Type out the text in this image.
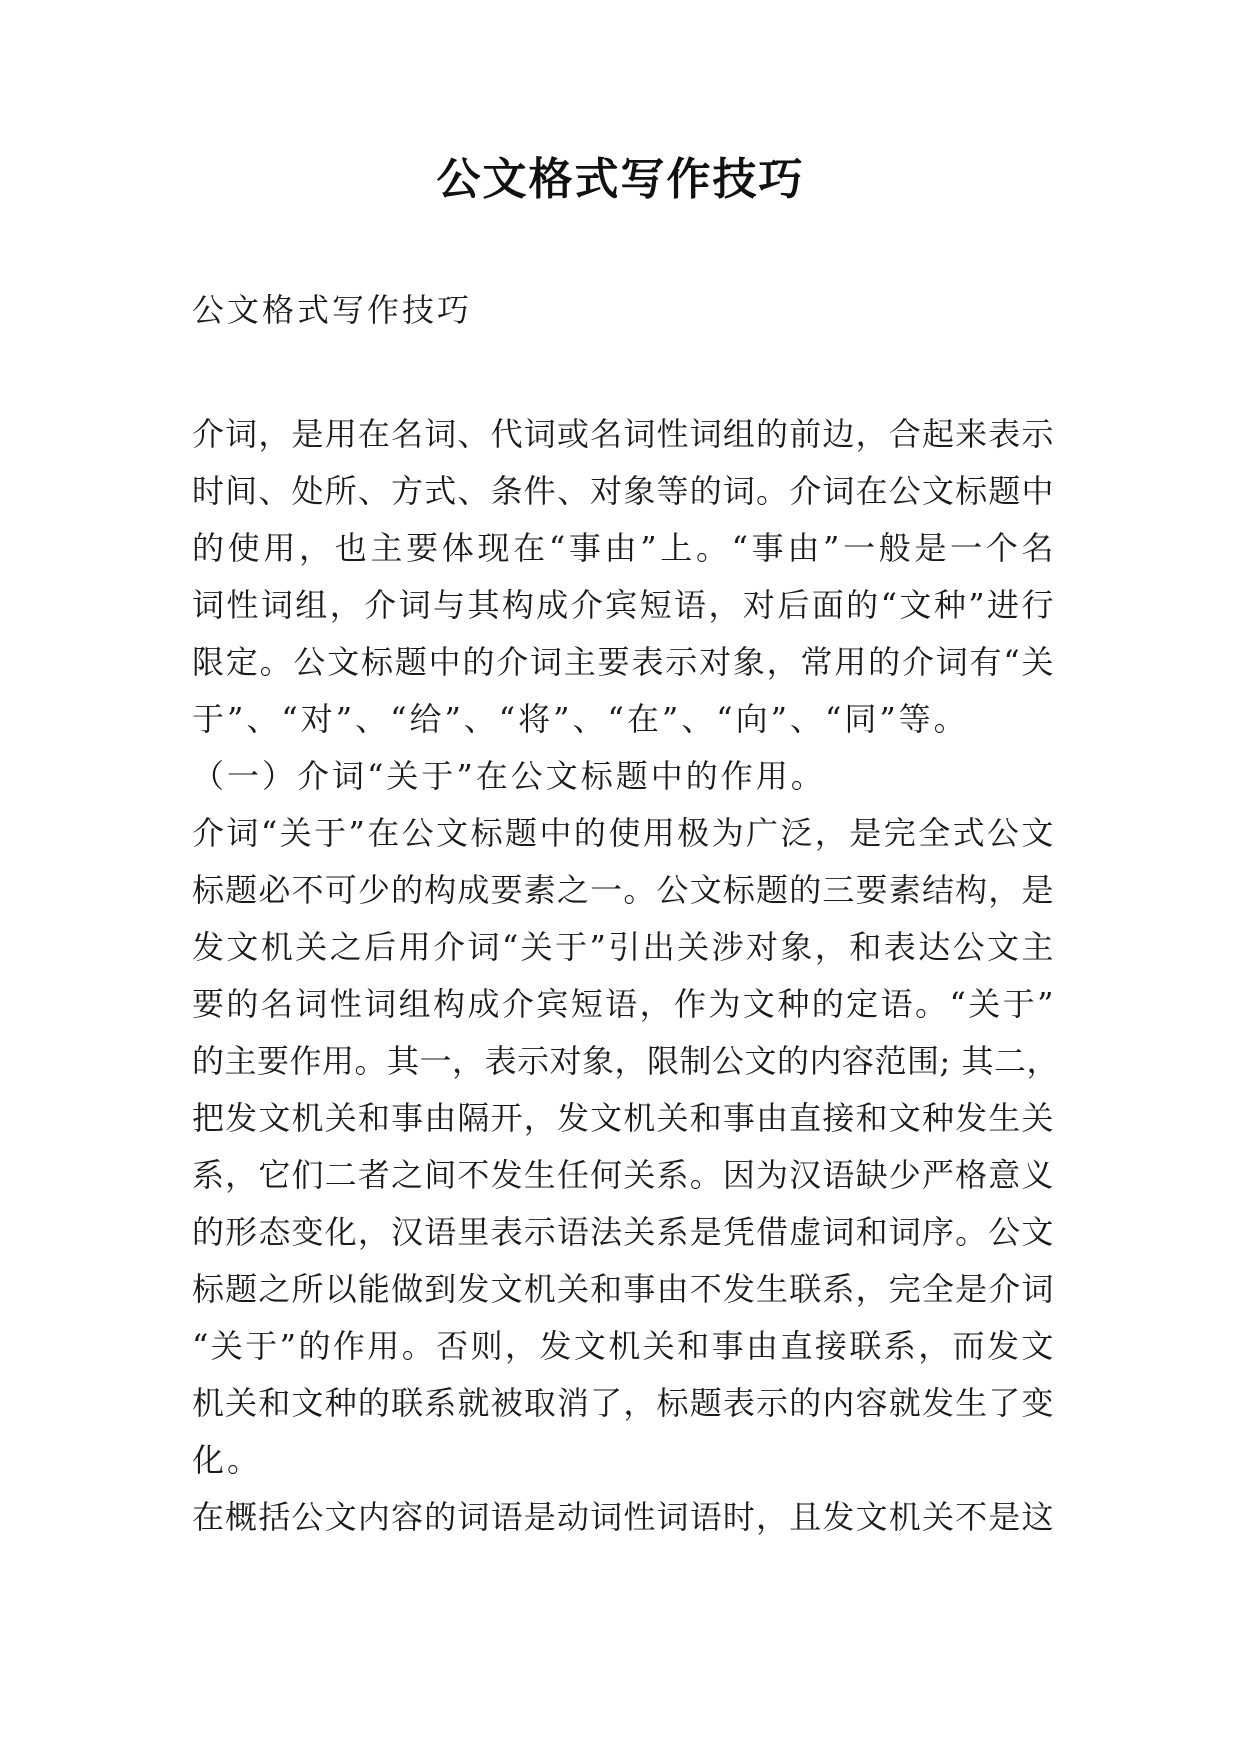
公文格式写作技巧
公文格式写作技巧
介词，是用在名词、代词或名词性词组的前边，合起来表示
时间、处所、方式、条件、对象等的词。介词在公文标题中
的使用，也主要体现在“事由”上。“事由”一般是一个名
词性词组，介词与其构成介宾短语，对后面的“文种”进行
限定。公文标题中的介词主要表示对象，常用的介词有“关
于”、“对”、“给”、“将”、“在”、“向”、“同”等。
（一）介词“关于”在公文标题中的作用。
介词“关于”在公文标题中的使用极为广泛，是完全式公文
标题必不可少的构成要素之一。公文标题的三要素结构，是
发文机关之后用介词“关于”引出关涉对象，和表达公文主
要的名词性词组构成介宾短语，作为文种的定语。“关于”
的主要作用。其一，表示对象，限制公文的内容范围; 其二，
把发文机关和事由隔开，发文机关和事由直接和文种发生关
系，它们二者之间不发生任何关系。因为汉语缺少严格意义
的形态变化，汉语里表示语法关系是凭借虚词和词序。公文
标题之所以能做到发文机关和事由不发生联系，完全是介词
“关于”的作用。否则，发文机关和事由直接联系，而发文
机关和文种的联系就被取消了，标题表示的内容就发生了变
化。
在概括公文内容的词语是动词性词语时，且发文机关不是这
